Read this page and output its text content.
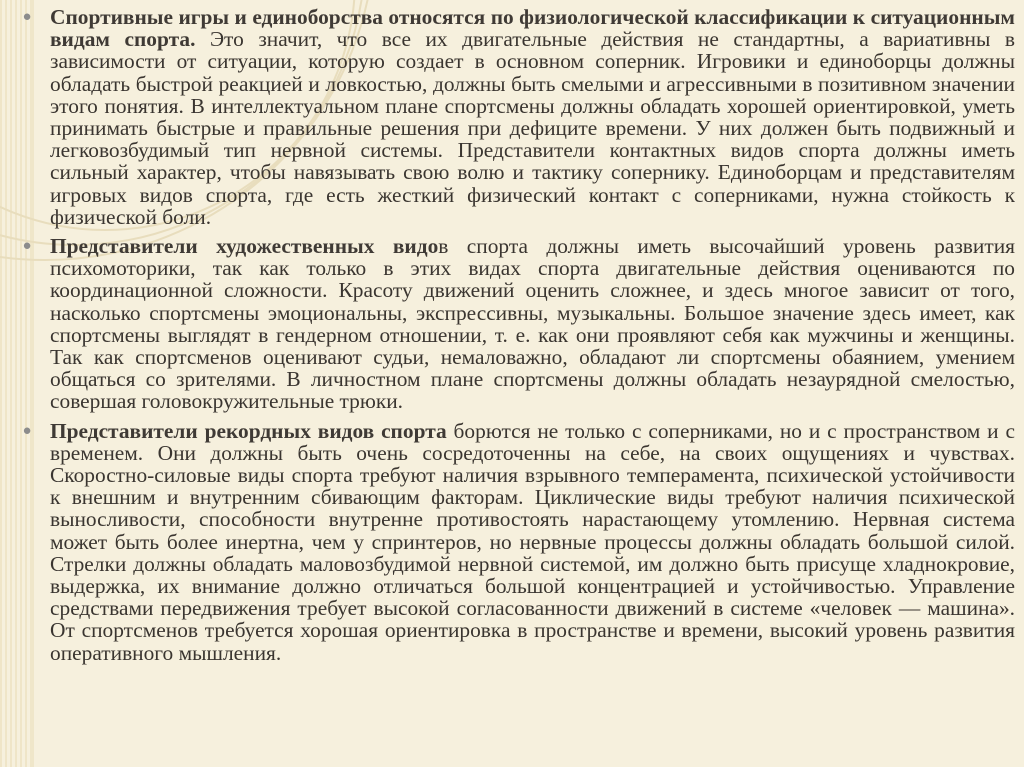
● Спортивные игры и единоборства относятся по физиологической классификации к ситуационным видам спорта. Это значит, что все их двигательные действия не стандартны, а вариативны в зависимости от ситуации, которую создает в основном соперник. Игровики и единоборцы должны обладать быстрой реакцией и ловкостью, должны быть смелыми и агрессивными в позитивном значении этого понятия. В интеллектуальном плане спортсмены должны обладать хорошей ориентировкой, уметь принимать быстрые и правильные решения при дефиците времени. У них должен быть подвижный и легковозбудимый тип нервной системы. Представители контактных видов спорта должны иметь сильный характер, чтобы навязывать свою волю и тактику сопернику. Единоборцам и представителям игровых видов спорта, где есть жесткий физический контакт с соперниками, нужна стойкость к физической боли.
● Представители художественных видов спорта должны иметь высочайший уровень развития психомоторики, так как только в этих видах спорта двигательные действия оцениваются по координационной сложности. Красоту движений оценить сложнее, и здесь многое зависит от того, насколько спортсмены эмоциональны, экспрессивны, музыкальны. Большое значение здесь имеет, как спортсмены выглядят в гендерном отношении, т. е. как они проявляют себя как мужчины и женщины. Так как спортсменов оценивают судьи, немаловажно, обладают ли спортсмены обаянием, умением общаться со зрителями. В личностном плане спортсмены должны обладать незаурядной смелостью, совершая головокружительные трюки.
● Представители рекордных видов спорта борются не только с соперниками, но и с пространством и с временем. Они должны быть очень сосредоточенны на себе, на своих ощущениях и чувствах. Скоростно-силовые виды спорта требуют наличия взрывного темперамента, психической устойчивости к внешним и внутренним сбивающим факторам. Циклические виды требуют наличия психической выносливости, способности внутренне противостоять нарастающему утомлению. Нервная система может быть более инертна, чем у спринтеров, но нервные процессы должны обладать большой силой. Стрелки должны обладать маловозбудимой нервной системой, им должно быть присуще хладнокровие, выдержка, их внимание должно отличаться большой концентрацией и устойчивостью. Управление средствами передвижения требует высокой согласованности движений в системе «человек — машина». От спортсменов требуется хорошая ориентировка в пространстве и времени, высокий уровень развития оперативного мышления.
